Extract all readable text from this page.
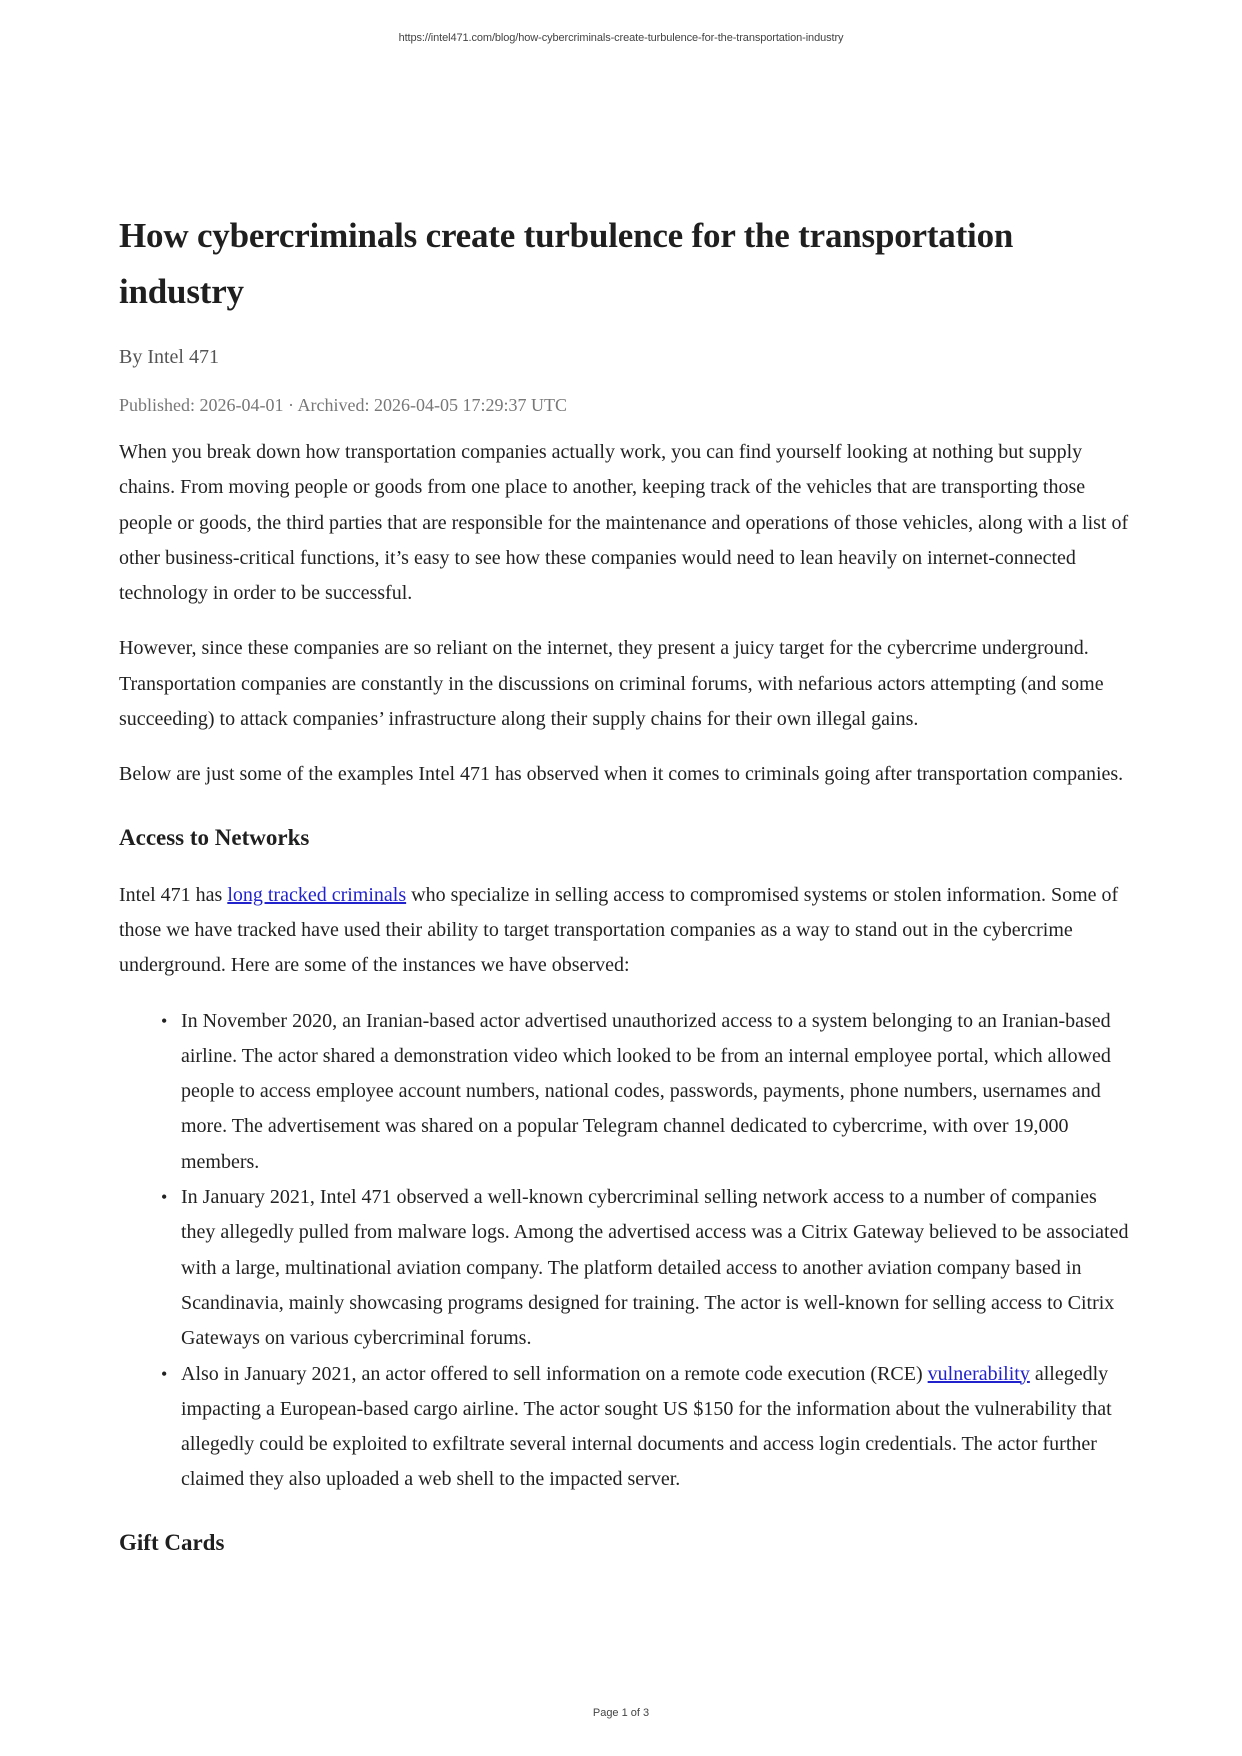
https://intel471.com/blog/how-cybercriminals-create-turbulence-for-the-transportation-industry
How cybercriminals create turbulence for the transportation industry
By Intel 471
Published: 2026-04-01 · Archived: 2026-04-05 17:29:37 UTC

When you break down how transportation companies actually work, you can find yourself looking at nothing but supply chains. From moving people or goods from one place to another, keeping track of the vehicles that are transporting those people or goods, the third parties that are responsible for the maintenance and operations of those vehicles, along with a list of other business-critical functions, it’s easy to see how these companies would need to lean heavily on internet-connected technology in order to be successful.

However, since these companies are so reliant on the internet, they present a juicy target for the cybercrime underground. Transportation companies are constantly in the discussions on criminal forums, with nefarious actors attempting (and some succeeding) to attack companies’ infrastructure along their supply chains for their own illegal gains.

Below are just some of the examples Intel 471 has observed when it comes to criminals going after transportation companies.

Access to Networks

Intel 471 has long tracked criminals who specialize in selling access to compromised systems or stolen information. Some of those we have tracked have used their ability to target transportation companies as a way to stand out in the cybercrime underground. Here are some of the instances we have observed:

• In November 2020, an Iranian-based actor advertised unauthorized access to a system belonging to an Iranian-based airline. The actor shared a demonstration video which looked to be from an internal employee portal, which allowed people to access employee account numbers, national codes, passwords, payments, phone numbers, usernames and more. The advertisement was shared on a popular Telegram channel dedicated to cybercrime, with over 19,000 members.
• In January 2021, Intel 471 observed a well-known cybercriminal selling network access to a number of companies they allegedly pulled from malware logs. Among the advertised access was a Citrix Gateway believed to be associated with a large, multinational aviation company. The platform detailed access to another aviation company based in Scandinavia, mainly showcasing programs designed for training. The actor is well-known for selling access to Citrix Gateways on various cybercriminal forums.
• Also in January 2021, an actor offered to sell information on a remote code execution (RCE) vulnerability allegedly impacting a European-based cargo airline. The actor sought US $150 for the information about the vulnerability that allegedly could be exploited to exfiltrate several internal documents and access login credentials. The actor further claimed they also uploaded a web shell to the impacted server.
Gift Cards
Page 1 of 3
